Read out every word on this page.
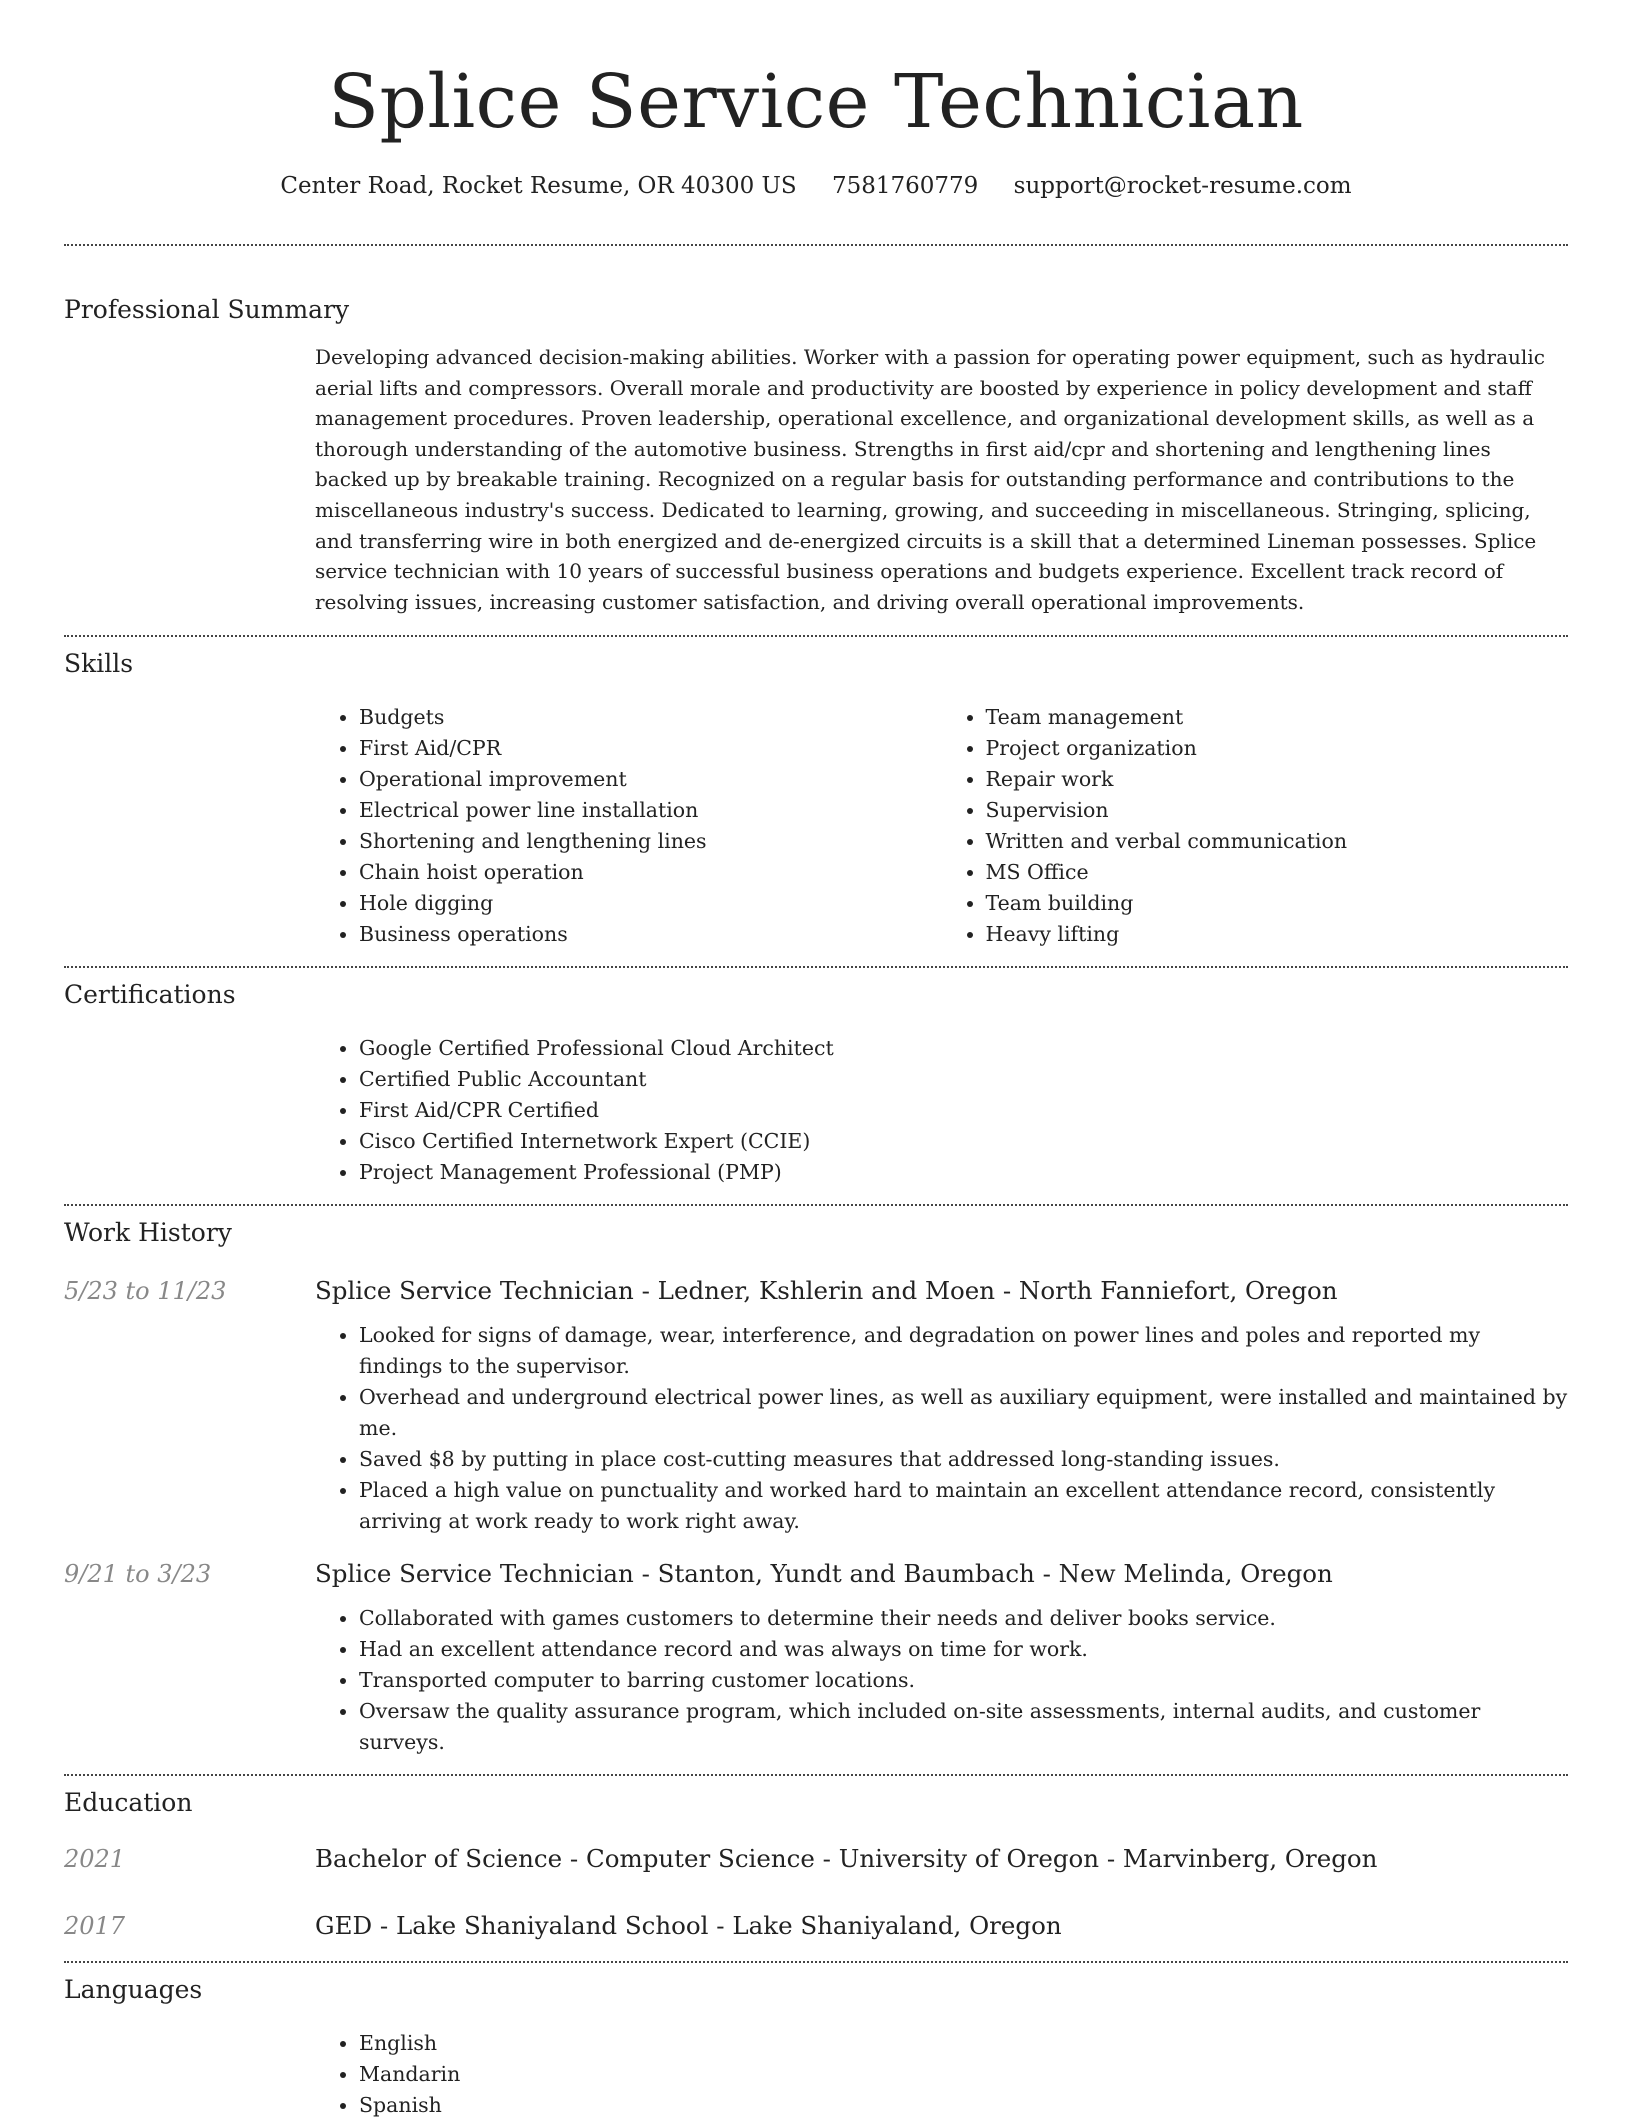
Splice Service Technician
Center Road, Rocket Resume, OR 40300 US 7581760779 support@rocket-resume.com
Professional Summary

Developing advanced decision-making abilities. Worker with a passion for operating power equipment, such as hydraulic aerial lifts and compressors. Overall morale and productivity are boosted by experience in policy development and staff management procedures. Proven leadership, operational excellence, and organizational development skills, as well as a thorough understanding of the automotive business. Strengths in first aid/cpr and shortening and lengthening lines backed up by breakable training. Recognized on a regular basis for outstanding performance and contributions to the miscellaneous industry's success. Dedicated to learning, growing, and succeeding in miscellaneous. Stringing, splicing, and transferring wire in both energized and de-energized circuits is a skill that a determined Lineman possesses. Splice service technician with 10 years of successful business operations and budgets experience. Excellent track record of resolving issues, increasing customer satisfaction, and driving overall operational improvements.

Skills
• Budgets
• First Aid/CPR
• Operational improvement
• Electrical power line installation
• Shortening and lengthening lines
• Chain hoist operation
• Hole digging
• Business operations
• Team management
• Project organization
• Repair work
• Supervision
• Written and verbal communication
• MS Office
• Team building
• Heavy lifting
Certifications
• Google Certified Professional Cloud Architect
• Certified Public Accountant
• First Aid/CPR Certified
• Cisco Certified Internetwork Expert (CCIE)
• Project Management Professional (PMP)
Work History
5/23 to 11/23	Splice Service Technician - Ledner, Kshlerin and Moen - North Fanniefort, Oregon
• Looked for signs of damage, wear, interference, and degradation on power lines and poles and reported my findings to the supervisor.
• Overhead and underground electrical power lines, as well as auxiliary equipment, were installed and maintained by me.
• Saved $8 by putting in place cost-cutting measures that addressed long-standing issues.
• Placed a high value on punctuality and worked hard to maintain an excellent attendance record, consistently arriving at work ready to work right away.
9/21 to 3/23	Splice Service Technician - Stanton, Yundt and Baumbach - New Melinda, Oregon
• Collaborated with games customers to determine their needs and deliver books service.
• Had an excellent attendance record and was always on time for work.
• Transported computer to barring customer locations.
• Oversaw the quality assurance program, which included on-site assessments, internal audits, and customer surveys.
Education
2021	Bachelor of Science - Computer Science - University of Oregon - Marvinberg, Oregon
2017	GED - Lake Shaniyaland School - Lake Shaniyaland, Oregon
Languages
• English
• Mandarin
• Spanish
